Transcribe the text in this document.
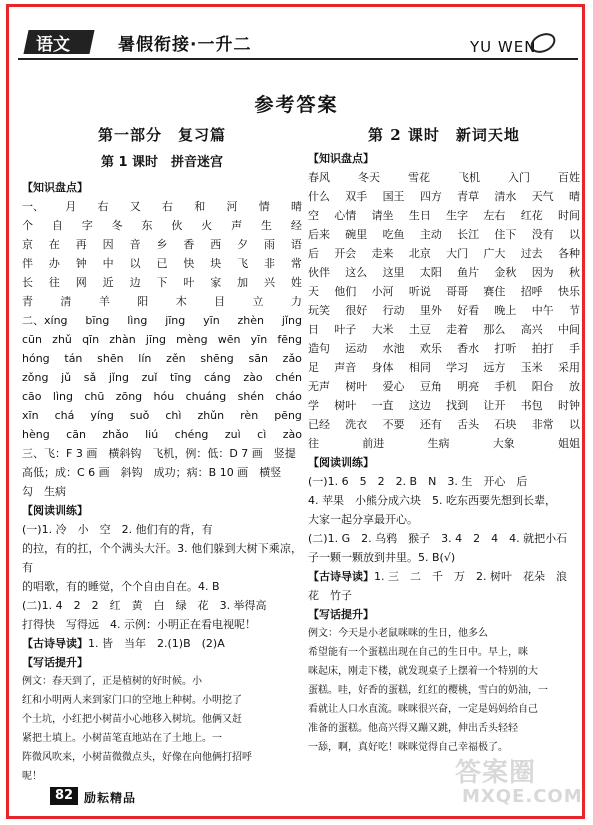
语文	暑假衔接·一升二	YU WEN
参考答案
第一部分　复习篇
第 1 课时　拼音迷宫
【知识盘点】
一、 月 右 又 右 和 河 情 晴
个 自 字 冬 东 伙 火 声 生 经
京 在 再 因 音 乡 香 西 夕 雨 语
伴 办 钟 中 以 已 快 块 飞 非 常
长 往 网 近 边 下 叶 家 加 兴 姓
青 清 羊 阳 木 目 立 力
二、xíng bīng lìng jīng yīn zhèn jǐng
cūn zhǔ qīn zhàn jīng mèng wēn yīn fēng
hóng tán shēn lín zěn shēng sān zǎo
zǒng jǔ sǎ jǐng zuǐ tīng cáng zào chén
cāo lìng chū zōng hóu chuáng shén cháo
xīn chá yíng suǒ chì zhǔn rèn pēng
hèng cān zhǎo liú chéng zuì cì zào
三、飞：F 3 画　横斜钩　飞机，例：低：D 7 画　竖提
高低；成：C 6 画　斜钩　成功；病：B 10 画　横竖
勾　生病
【阅读训练】
(一)1. 冷　小　空　2. 他们有的背，有
的拉，有的扛，个个满头大汗。3. 他们躲到大树下乘凉，有
的唱歌，有的睡觉，个个自由自在。4. B
(二)1. 4　2　2　红　黄　白　绿　花　3. 举得高
打得快　写得远　4. 示例：小明正在看电视呢！
【古诗导读】1. 皆　当年　2.(1)B　(2)A
【写话提升】
例文：春天到了，正是植树的好时候。小
红和小明两人来到家门口的空地上种树。小明挖了
个土坑，小红把小树苗小心地移入树坑。他俩又赶
紧把土填上。小树苗笔直地站在了土地上。一
阵微风吹来，小树苗微微点头，好像在向他俩打招呼
呢！
第 2 课时　新词天地
【知识盘点】
春风	冬天	雪花	飞机	入门	百姓
什么 双手 国王 四方 青草 清水 天气 晴
空 心情 请坐 生日 生字 左右 红花 时间
后来 碗里 吃鱼 主动 长江 住下 没有 以
后 开会 走来 北京 大门 广大 过去 各种
伙伴 这么 这里 太阳 鱼片 金秋 因为 秋
天 他们 小河 听说 哥哥 赛住 招呼 快乐
玩笑 很好 行动 里外 好看 晚上 中午 节
日 叶子 大米 土豆 走着 那么 高兴 中间
造句 运动 水池 欢乐 香水 打听 拍打 手
足 声音 身体 相同 学习 远方 玉米 采用
无声 树叶 爱心 豆角 明亮 手机 阳台 放
学 树叶 一直 这边 找到 让开 书包 时钟
已经 洗衣 不要 还有 舌头 石块 非常 以
往	前进	生病	大象	姐姐
【阅读训练】
(一)1. 6　5　2　2. B　N　3. 生　开心　后
4. 苹果　小熊分成六块　5. 吃东西要先想到长辈，
大家一起分享最开心。
(二)1. G　2. 乌鸦　猴子　3. 4　2　4　4. 就把小石
子一颗一颗放到井里。5. B(√)
【古诗导读】1. 三　二　千　万　2. 树叶　花朵　浪　花　竹子
【写话提升】
例文：今天是小老鼠咪咪的生日，他多么
希望能有一个蛋糕出现在自己的生日中。早上，咪
咪起床，刚走下楼，就发现桌子上摆着一个特别的大
蛋糕。哇，好香的蛋糕，红红的樱桃，雪白的奶油，一
看就让人口水直流。咪咪很兴奋，一定是妈妈给自己
准备的蛋糕。他高兴得又蹦又跳，伸出舌头轻轻
一舔，啊，真好吃！咪咪觉得自己幸福极了。
82 励耘精品
答案圈
MXQE.COM
